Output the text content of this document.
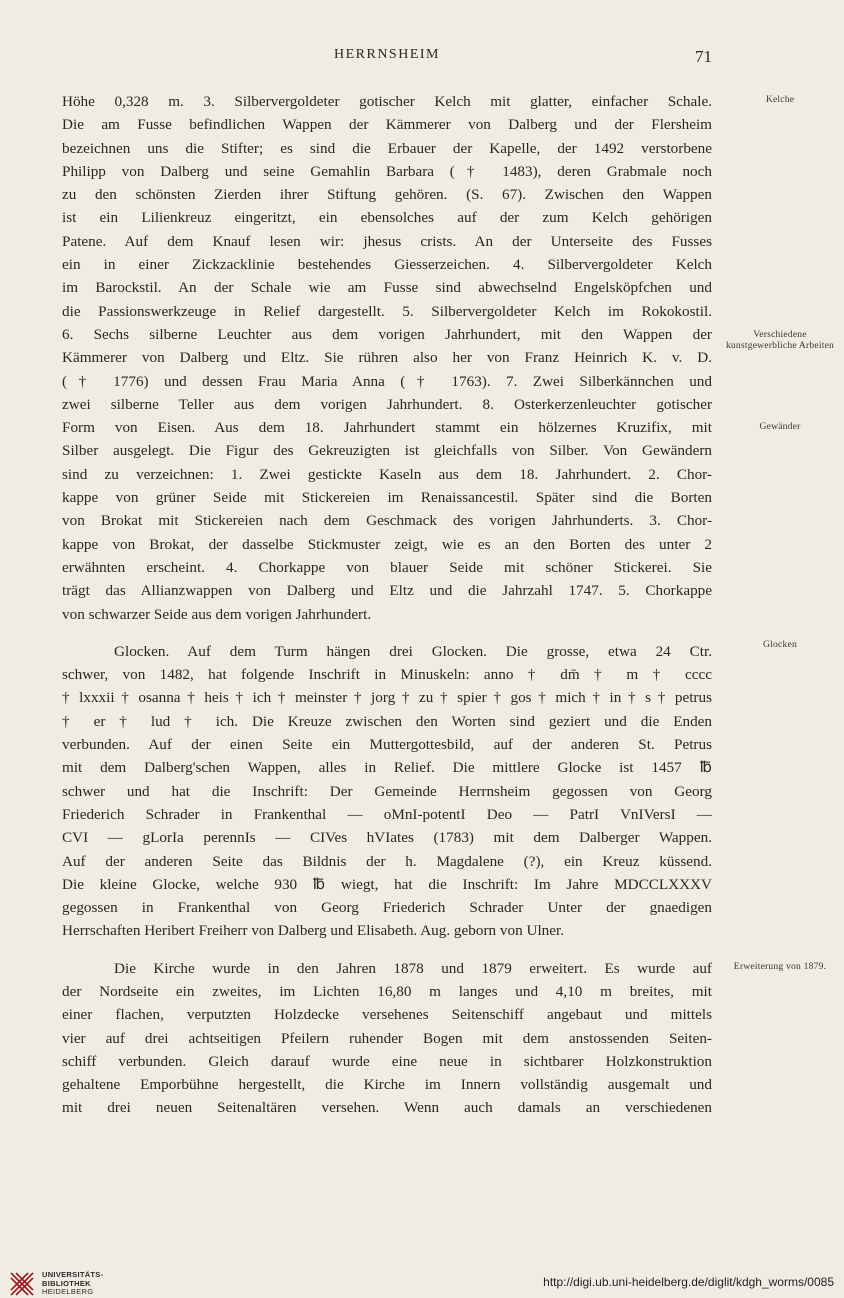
HERRNSHEIM	71
Höhe 0,328 m. 3. Silbervergoldeter gotischer Kelch mit glatter, einfacher Schale.
Die am Fusse befindlichen Wappen der Kämmerer von Dalberg und der Flersheim
bezeichnen uns die Stifter; es sind die Erbauer der Kapelle, der 1492 verstorbene
Philipp von Dalberg und seine Gemahlin Barbara († 1483), deren Grabmale noch
zu den schönsten Zierden ihrer Stiftung gehören. (S. 67). Zwischen den Wappen
ist ein Lilienkreuz eingeritzt, ein ebensolches auf der zum Kelch gehörigen
Patene. Auf dem Knauf lesen wir: jhesus crists. An der Unterseite des Fusses
ein in einer Zickzacklinie bestehendes Giesserzeichen. 4. Silbervergoldeter Kelch
im Barockstil. An der Schale wie am Fusse sind abwechselnd Engelsköpfchen und
die Passionswerkzeuge in Relief dargestellt. 5. Silbervergoldeter Kelch im Rokokostil.
6. Sechs silberne Leuchter aus dem vorigen Jahrhundert, mit den Wappen der
Kämmerer von Dalberg und Eltz. Sie rühren also her von Franz Heinrich K. v. D.
(† 1776) und dessen Frau Maria Anna († 1763). 7. Zwei Silberkännchen und
zwei silberne Teller aus dem vorigen Jahrhundert. 8. Osterkerzenleuchter gotischer
Form von Eisen. Aus dem 18. Jahrhundert stammt ein hölzernes Kruzifix, mit
Silber ausgelegt. Die Figur des Gekreuzigten ist gleichfalls von Silber. Von Gewändern
sind zu verzeichnen: 1. Zwei gestickte Kaseln aus dem 18. Jahrhundert. 2. Chor-
kappe von grüner Seide mit Stickereien im Renaissancestil. Später sind die Borten
von Brokat mit Stickereien nach dem Geschmack des vorigen Jahrhunderts. 3. Chor-
kappe von Brokat, der dasselbe Stickmuster zeigt, wie es an den Borten des unter 2
erwähnten erscheint. 4. Chorkappe von blauer Seide mit schöner Stickerei. Sie
trägt das Allianzwappen von Dalberg und Eltz und die Jahrzahl 1747. 5. Chorkappe
von schwarzer Seide aus dem vorigen Jahrhundert.
Glocken. Auf dem Turm hängen drei Glocken. Die grosse, etwa 24 Ctr.
schwer, von 1482, hat folgende Inschrift in Minuskeln: anno † dm̄ † m † cccc
† lxxxii † osanna † heis † ich † meinster † jorg † zu † spier † gos † mich † in † s † petrus
† er † lud † ich. Die Kreuze zwischen den Worten sind geziert und die Enden
verbunden. Auf der einen Seite ein Muttergottesbild, auf der anderen St. Petrus
mit dem Dalberg'schen Wappen, alles in Relief. Die mittlere Glocke ist 1457 ℔
schwer und hat die Inschrift: Der Gemeinde Herrnsheim gegossen von Georg
Friederich Schrader in Frankenthal — oMnI-potentI Deo — PatrI VnIVersI —
CVI — gLorIa perennIs — CIVes hVIates (1783) mit dem Dalberger Wappen.
Auf der anderen Seite das Bildnis der h. Magdalene (?), ein Kreuz küssend.
Die kleine Glocke, welche 930 ℔ wiegt, hat die Inschrift: Im Jahre MDCCLXXXV
gegossen in Frankenthal von Georg Friederich Schrader Unter der gnaedigen
Herrschaften Heribert Freiherr von Dalberg und Elisabeth. Aug. geborn von Ulner.
Die Kirche wurde in den Jahren 1878 und 1879 erweitert. Es wurde auf
der Nordseite ein zweites, im Lichten 16,80 m langes und 4,10 m breites, mit
einer flachen, verputzten Holzdecke versehenes Seitenschiff angebaut und mittels
vier auf drei achtseitigen Pfeilern ruhender Bogen mit dem anstossenden Seiten-
schiff verbunden. Gleich darauf wurde eine neue in sichtbarer Holzkonstruktion
gehaltene Emporbühne hergestellt, die Kirche im Innern vollständig ausgemalt und
mit drei neuen Seitenaltären versehen. Wenn auch damals an verschiedenen
Kelche
Verschiedene kunstgewerbliche Arbeiten
Gewänder
Glocken
Erweiterung von 1879.
UNIVERSITÄTS-
BIBLIOTHEK
HEIDELBERG
http://digi.ub.uni-heidelberg.de/diglit/kdgh_worms/0085
